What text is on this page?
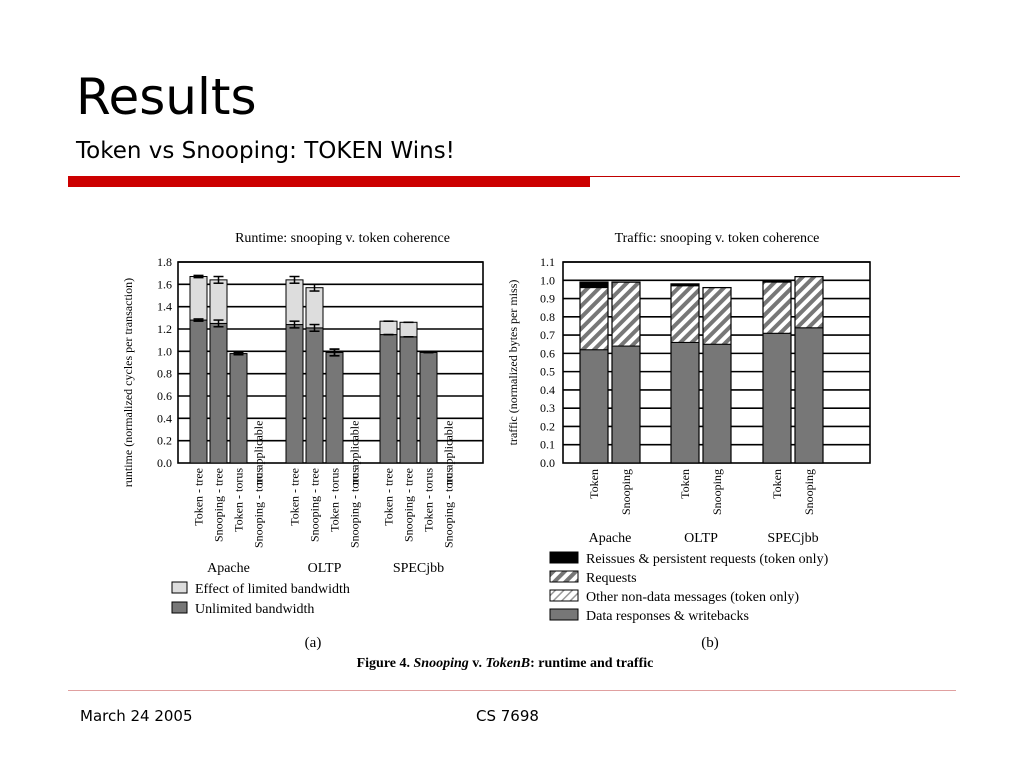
Results
Token vs Snooping: TOKEN Wins!
Runtime: snooping v. token coherence
runtime (normalized cycles per transaction) 0.0
0.2
0.4
0.6
0.8
1.0
1.2
1.4
1.6
1.8
Token - tree Snooping - tree Token - torus
no applicable
Snooping - torus
Apache
Token - tree Snooping - tree Token - torus
no applicable
Snooping - torus
OLTP
Token - tree Snooping - tree Token - torus
no applicable
Snooping - torus
SPECjbb
Effect of limited bandwidth
Unlimited bandwidth
(a)
Traffic: snooping v. token coherence
traffic (normalized bytes per miss)
0.0
0.1
0.2
0.3
0.4
0.5
0.6
0.7
0.8
0.9
1.0
1.1
Token Snooping
Apache
Token Snooping
OLTP
Token Snooping
SPECjbb
Reissues & persistent requests (token only)
Requests
Other non-data messages (token only)
Data responses & writebacks
(b)
Figure 4. Snooping v. TokenB: runtime and traffic
March 24 2005	CS 7698
